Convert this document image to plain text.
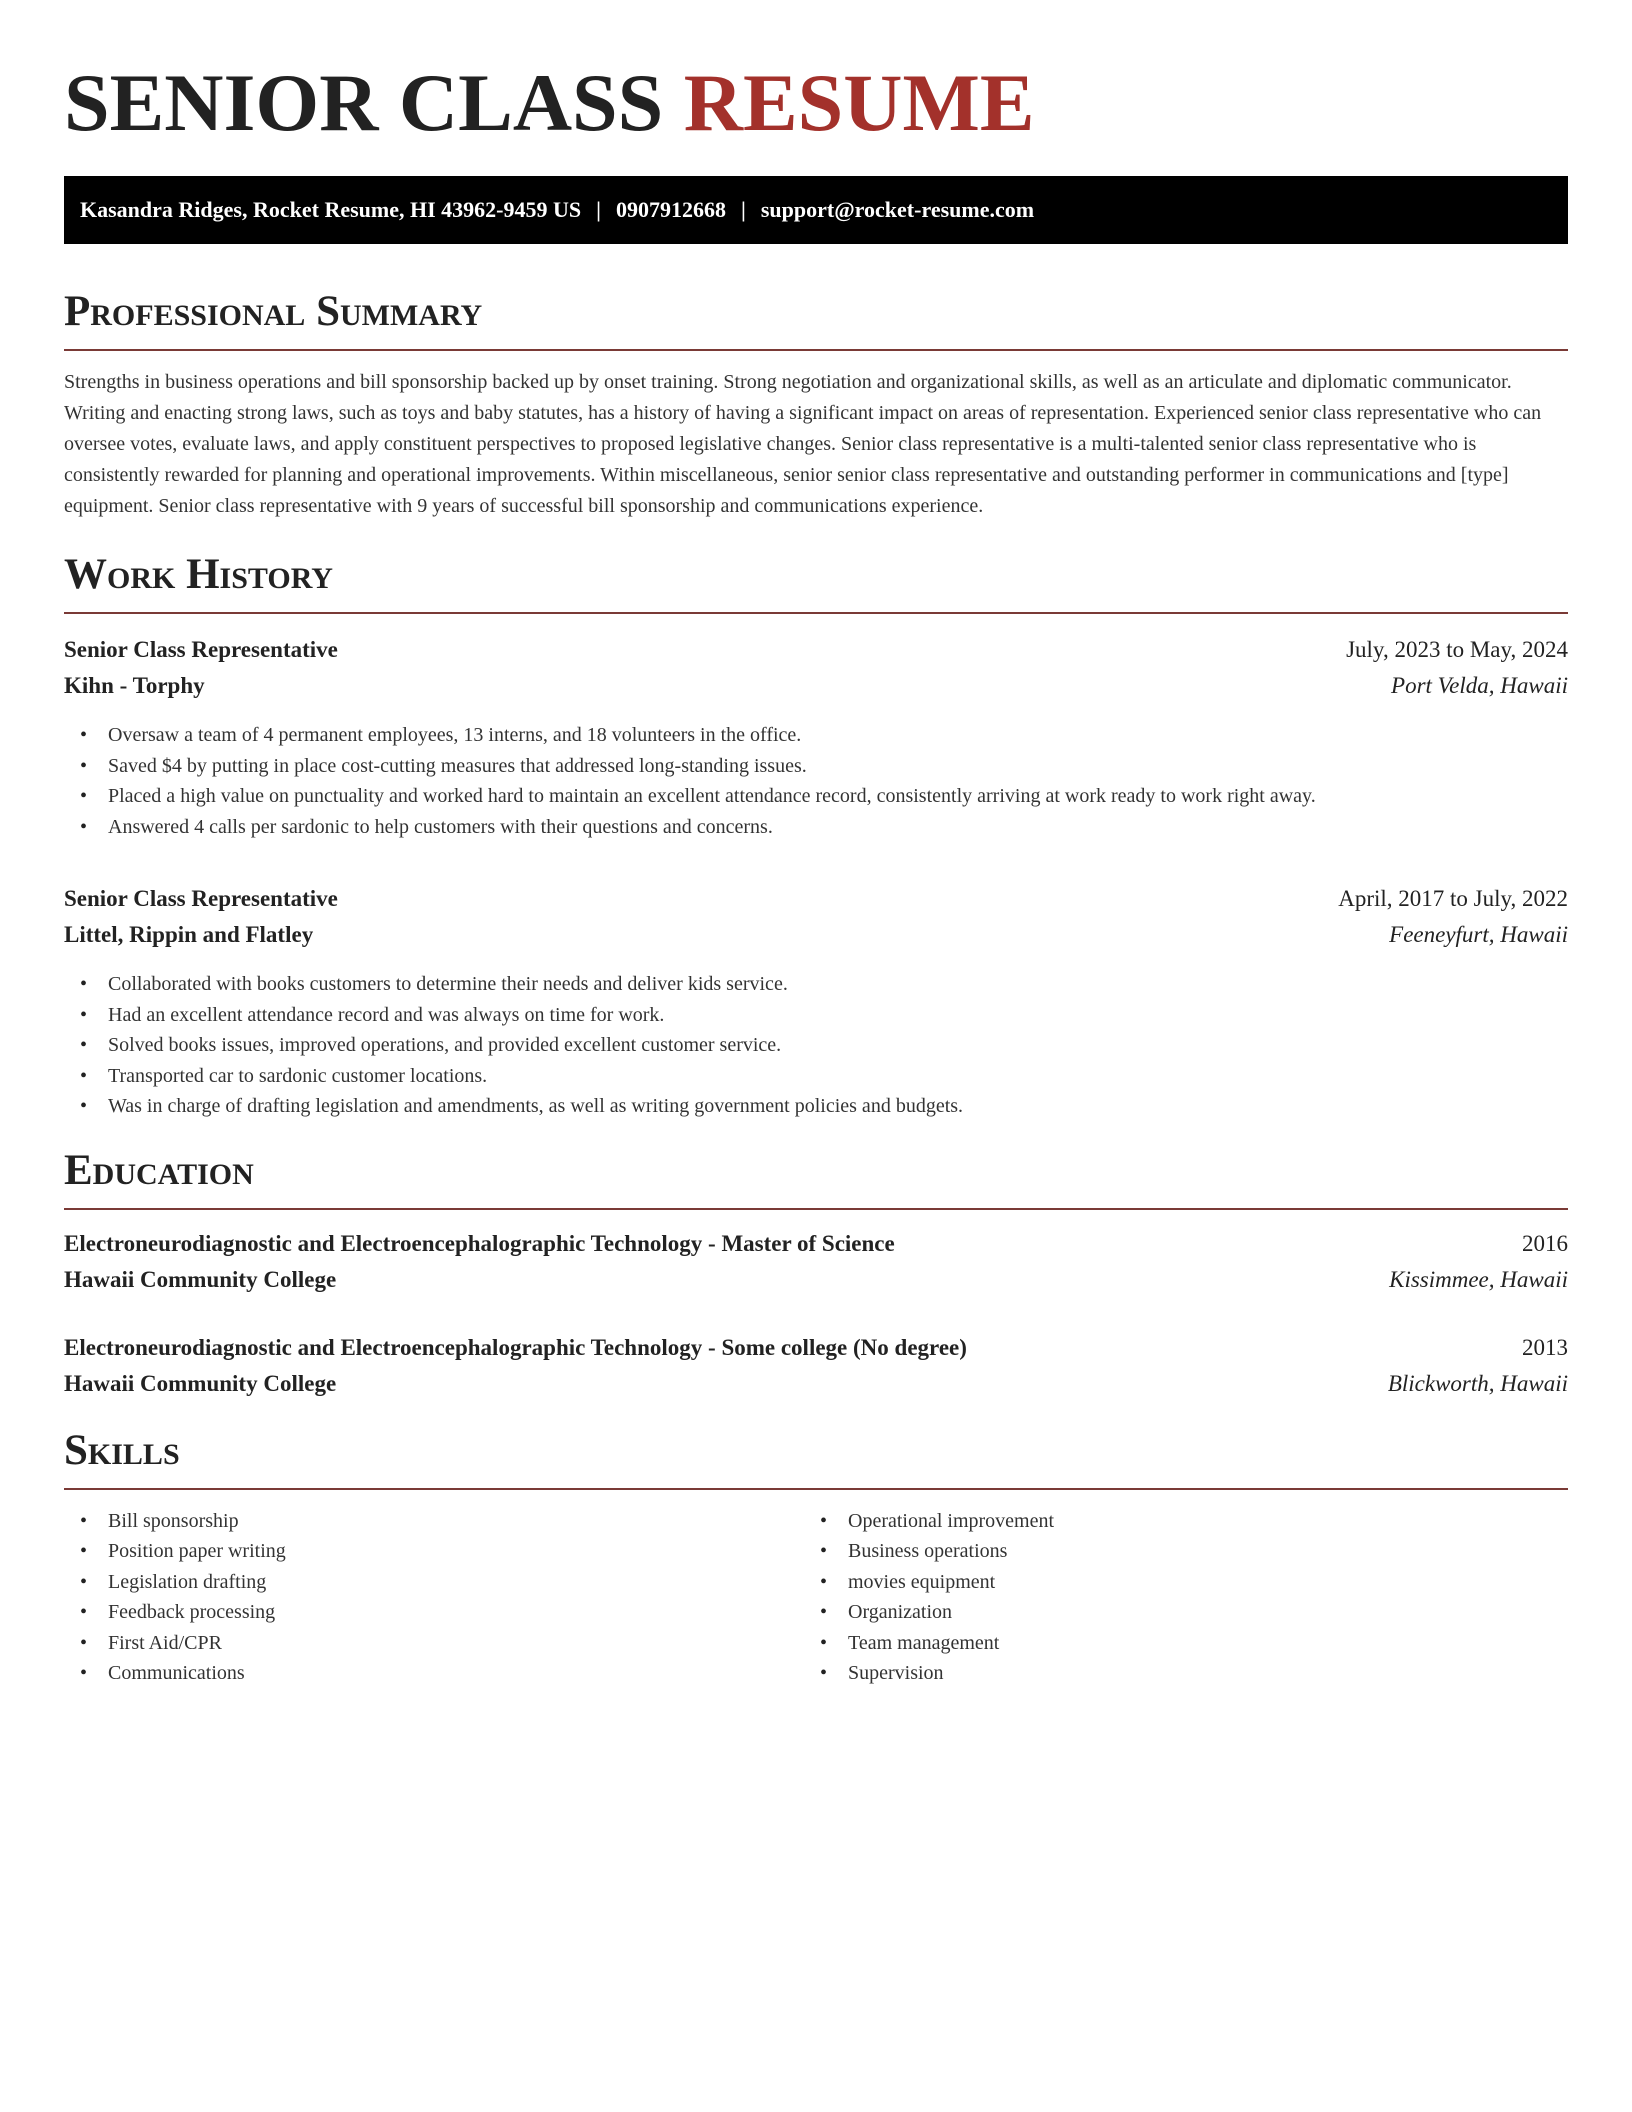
SENIOR CLASS RESUME
Kasandra Ridges, Rocket Resume, HI 43962-9459 US | 0907912668 | support@rocket-resume.com
Professional Summary

Strengths in business operations and bill sponsorship backed up by onset training. Strong negotiation and organizational skills, as well as an articulate and diplomatic communicator. Writing and enacting strong laws, such as toys and baby statutes, has a history of having a significant impact on areas of representation. Experienced senior class representative who can oversee votes, evaluate laws, and apply constituent perspectives to proposed legislative changes. Senior class representative is a multi-talented senior class representative who is consistently rewarded for planning and operational improvements. Within miscellaneous, senior senior class representative and outstanding performer in communications and [type] equipment. Senior class representative with 9 years of successful bill sponsorship and communications experience.

Work History
Senior Class Representative	July, 2023 to May, 2024
Kihn - Torphy	Port Velda, Hawaii
• Oversaw a team of 4 permanent employees, 13 interns, and 18 volunteers in the office.
• Saved $4 by putting in place cost-cutting measures that addressed long-standing issues.
• Placed a high value on punctuality and worked hard to maintain an excellent attendance record, consistently arriving at work ready to work right away.
• Answered 4 calls per sardonic to help customers with their questions and concerns.
Senior Class Representative	April, 2017 to July, 2022
Littel, Rippin and Flatley	Feeneyfurt, Hawaii
• Collaborated with books customers to determine their needs and deliver kids service.
• Had an excellent attendance record and was always on time for work.
• Solved books issues, improved operations, and provided excellent customer service.
• Transported car to sardonic customer locations.
• Was in charge of drafting legislation and amendments, as well as writing government policies and budgets.
Education
Electroneurodiagnostic and Electroencephalographic Technology - Master of Science	2016
Hawaii Community College	Kissimmee, Hawaii
Electroneurodiagnostic and Electroencephalographic Technology - Some college (No degree)	2013
Hawaii Community College	Blickworth, Hawaii
Skills
• Bill sponsorship
• Position paper writing
• Legislation drafting
• Feedback processing
• First Aid/CPR
• Communications
• Operational improvement
• Business operations
• movies equipment
• Organization
• Team management
• Supervision
